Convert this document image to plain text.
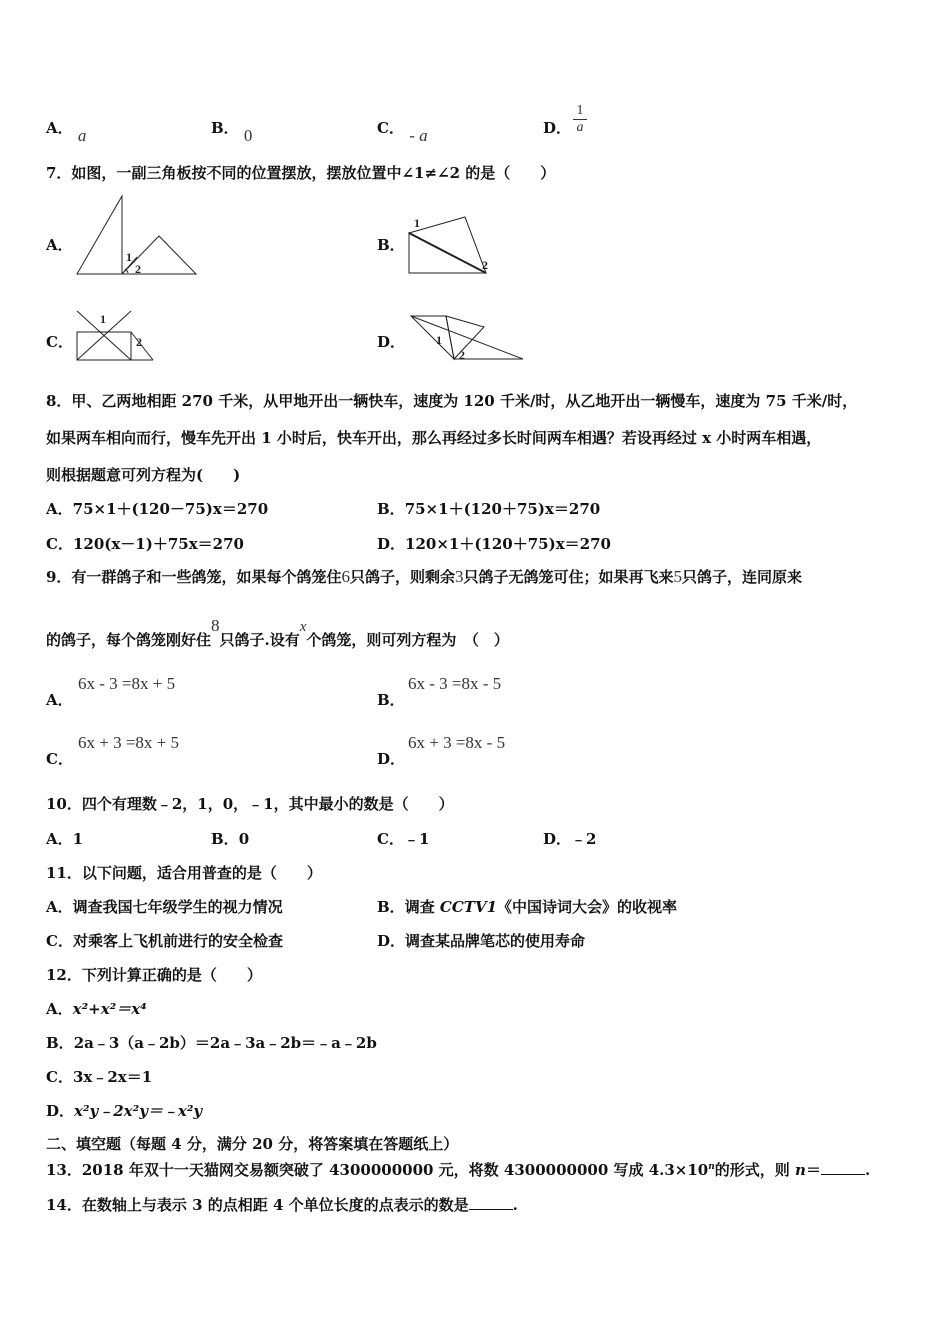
A． a	B． 0	C． - a	D． $\frac{1}{a}$
7．如图，一副三角板按不同的位置摆放，摆放位置中∠1≠∠2 的是（　　）
A．
1
2
B．
1
2
C．
1
2	D．	1
2
8．甲、乙两地相距 270 千米，从甲地开出一辆快车，速度为 120 千米/时，从乙地开出一辆慢车，速度为 75 千米/时，
如果两车相向而行，慢车先开出 1 小时后，快车开出，那么再经过多长时间两车相遇？若设再经过 x 小时两车相遇，
则根据题意可列方程为(　　)
A．75×1＋(120－75)x＝270	B．75×1＋(120＋75)x＝270
C．120(x－1)＋75x＝270	D．120×1＋(120＋75)x＝270
9．有一群鸽子和一些鸽笼，如果每个鸽笼住6只鸽子，则剩余3只鸽子无鸽笼可住；如果再飞来5只鸽子，连同原来
的鸽子，每个鸽笼刚好住8只鸽子.设有x个鸽笼，则可列方程为　（　）
A．
6x - 3 =8x + 5
B．
6x - 3 =8x - 5
C．
6x + 3 =8x + 5
D．
6x + 3 =8x - 5
10．四个有理数﹣2，1，0，﹣1，其中最小的数是（　　）
A．1	B．0	C．﹣1	D．﹣2
11．以下问题，适合用普查的是（　　）
A．调查我国七年级学生的视力情况	B．调查 CCTV1《中国诗词大会》的收视率
C．对乘客上飞机前进行的安全检查	D．调查某品牌笔芯的使用寿命
12．下列计算正确的是（　　）
A．x²+x²＝x⁴
B．2a﹣3（a﹣2b）＝2a﹣3a﹣2b＝﹣a﹣2b
C．3x﹣2x＝1
D．x²y﹣2x²y＝﹣x²y
二、填空题（每题 4 分，满分 20 分，将答案填在答题纸上）
13．2018 年双十一天猫网交易额突破了 4300000000 元，将数 4300000000 写成 $4.3\times 10^n$的形式，则 n＝	.
14．在数轴上与表示 3 的点相距 4 个单位长度的点表示的数是	.
